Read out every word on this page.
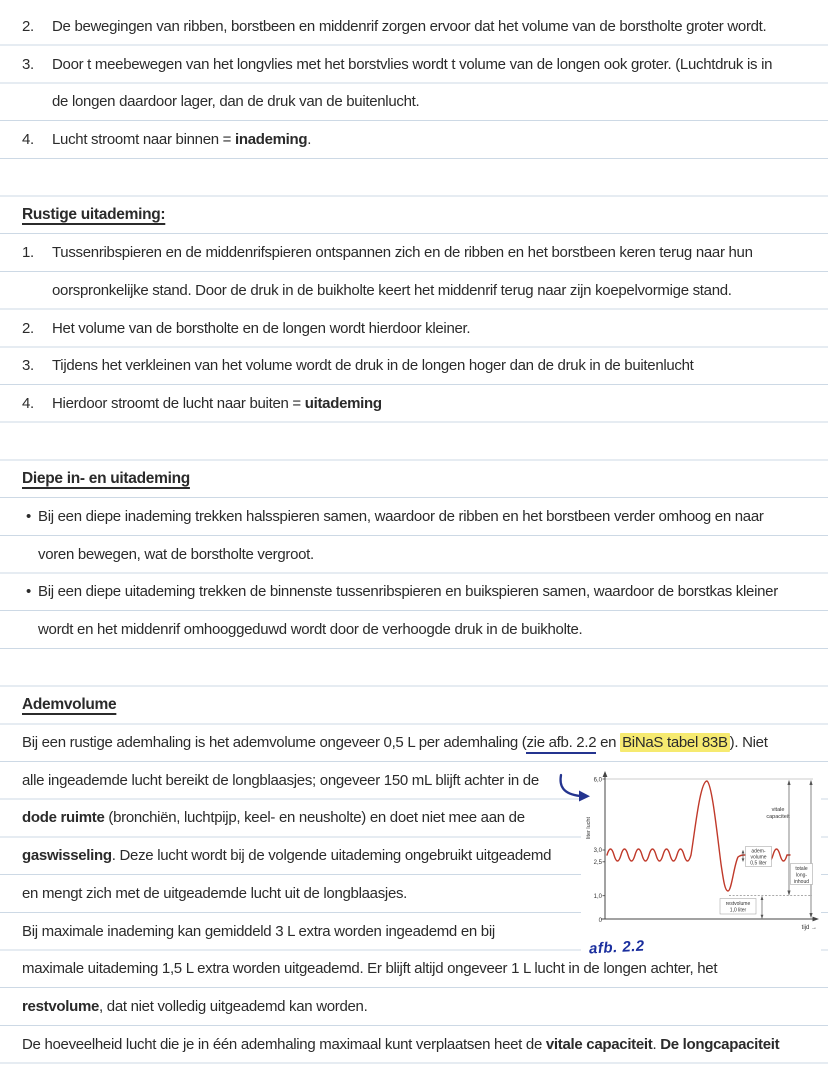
6,0
3,0
2,5
1,0
0
liter lucht
tijd →
adem-
volume
0,5 liter
vitale
capaciteit
totale
long-
inhoud
restvolume
1,0 liter
afb. 2.2
2. De bewegingen van ribben, borstbeen en middenrif zorgen ervoor dat het volume van de borstholte groter wordt.
3. Door t meebewegen van het longvlies met het borstvlies wordt t volume van de longen ook groter. (Luchtdruk is in
de longen daardoor lager, dan de druk van de buitenlucht.
4. Lucht stroomt naar binnen = inademing.
Rustige uitademing:
1. Tussenribspieren en de middenrifspieren ontspannen zich en de ribben en het borstbeen keren terug naar hun
oorspronkelijke stand. Door de druk in de buikholte keert het middenrif terug naar zijn koepelvormige stand.
2. Het volume van de borstholte en de longen wordt hierdoor kleiner.
3. Tijdens het verkleinen van het volume wordt de druk in de longen hoger dan de druk in de buitenlucht
4. Hierdoor stroomt de lucht naar buiten = uitademing
Diepe in- en uitademing
• Bij een diepe inademing trekken halsspieren samen, waardoor de ribben en het borstbeen verder omhoog en naar
voren bewegen, wat de borstholte vergroot.
• Bij een diepe uitademing trekken de binnenste tussenribspieren en buikspieren samen, waardoor de borstkas kleiner
wordt en het middenrif omhooggeduwd wordt door de verhoogde druk in de buikholte.
Ademvolume
Bij een rustige ademhaling is het ademvolume ongeveer 0,5 L per ademhaling (zie afb. 2.2 en BiNaS tabel 83B ). Niet
alle ingeademde lucht bereikt de longblaasjes; ongeveer 150 mL blijft achter in de
dode ruimte (bronchiën, luchtpijp, keel- en neusholte) en doet niet mee aan de
gaswisseling. Deze lucht wordt bij de volgende uitademing ongebruikt uitgeademd
en mengt zich met de uitgeademde lucht uit de longblaasjes.
Bij maximale inademing kan gemiddeld 3 L extra worden ingeademd en bij
maximale uitademing 1,5 L extra worden uitgeademd. Er blijft altijd ongeveer 1 L lucht in de longen achter, het
restvolume, dat niet volledig uitgeademd kan worden.
De hoeveelheid lucht die je in één ademhaling maximaal kunt verplaatsen heet de vitale capaciteit. De longcapaciteit
